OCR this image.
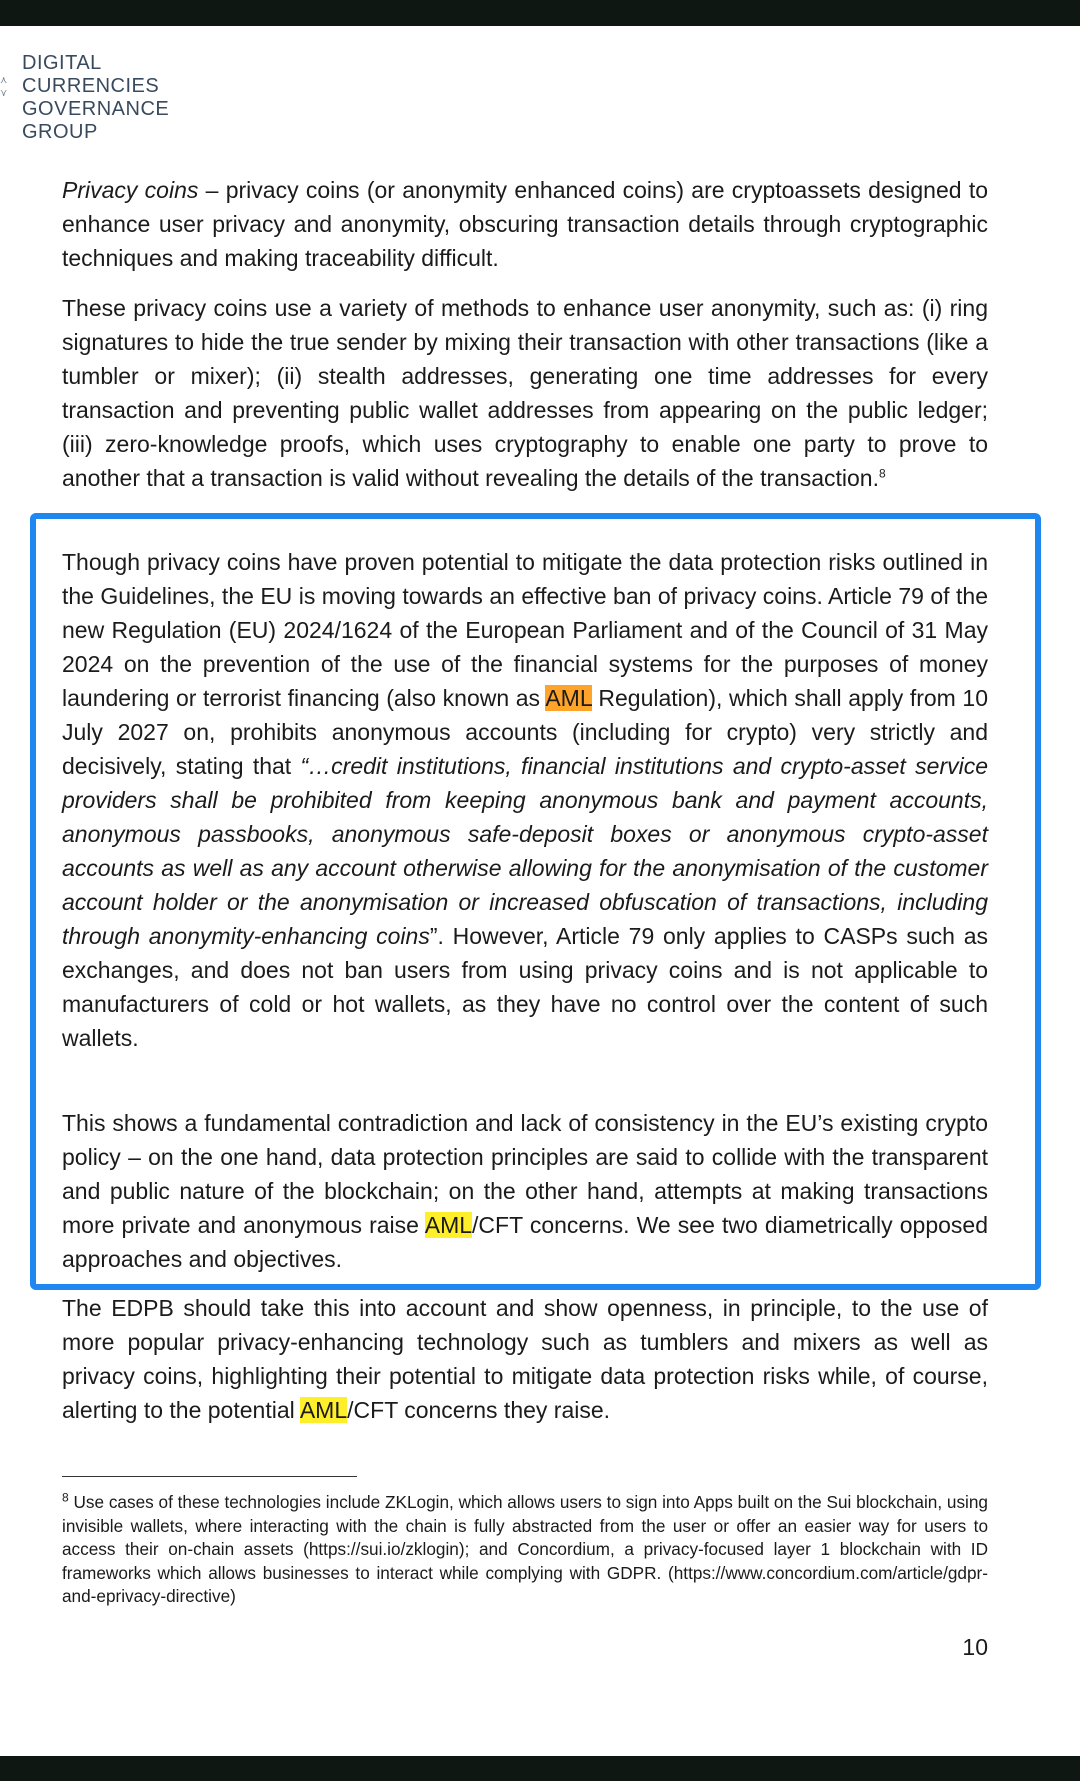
⋏
⋎
DIGITAL
CURRENCIES
GOVERNANCE
GROUP

Privacy coins – privacy coins (or anonymity enhanced coins) are cryptoassets designed to enhance user privacy and anonymity, obscuring transaction details through cryptographic techniques and making traceability difficult.

These privacy coins use a variety of methods to enhance user anonymity, such as: (i) ring signatures to hide the true sender by mixing their transaction with other transactions (like a tumbler or mixer); (ii) stealth addresses, generating one time addresses for every transaction and preventing public wallet addresses from appearing on the public ledger; (iii) zero-knowledge proofs, which uses cryptography to enable one party to prove to another that a transaction is valid without revealing the details of the transaction.$^8$

Though privacy coins have proven potential to mitigate the data protection risks outlined in the Guidelines, the EU is moving towards an effective ban of privacy coins. Article 79 of the new Regulation (EU) 2024/1624 of the European Parliament and of the Council of 31 May 2024 on the prevention of the use of the financial systems for the purposes of money laundering or terrorist financing (also known as AML Regulation), which shall apply from 10 July 2027 on, prohibits anonymous accounts (including for crypto) very strictly and decisively, stating that “…credit institutions, financial institutions and crypto-asset service providers shall be prohibited from keeping anonymous bank and payment accounts, anonymous passbooks, anonymous safe-deposit boxes or anonymous crypto-asset accounts as well as any account otherwise allowing for the anonymisation of the customer account holder or the anonymisation or increased obfuscation of transactions, including through anonymity-enhancing coins”. However, Article 79 only applies to CASPs such as exchanges, and does not ban users from using privacy coins and is not applicable to manufacturers of cold or hot wallets, as they have no control over the content of such wallets.

This shows a fundamental contradiction and lack of consistency in the EU’s existing crypto policy – on the one hand, data protection principles are said to collide with the transparent and public nature of the blockchain; on the other hand, attempts at making transactions more private and anonymous raise AML/CFT concerns. We see two diametrically opposed approaches and objectives.

The EDPB should take this into account and show openness, in principle, to the use of more popular privacy-enhancing technology such as tumblers and mixers as well as privacy coins, highlighting their potential to mitigate data protection risks while, of course, alerting to the potential AML/CFT concerns they raise.

$^8$ Use cases of these technologies include ZKLogin, which allows users to sign into Apps built on the Sui blockchain, using invisible wallets, where interacting with the chain is fully abstracted from the user or offer an easier way for users to access their on-chain assets (https://sui.io/zklogin); and Concordium, a privacy-focused layer 1 blockchain with ID frameworks which allows businesses to interact while complying with GDPR. (https://www.concordium.com/article/gdpr-and-eprivacy-directive)
10
